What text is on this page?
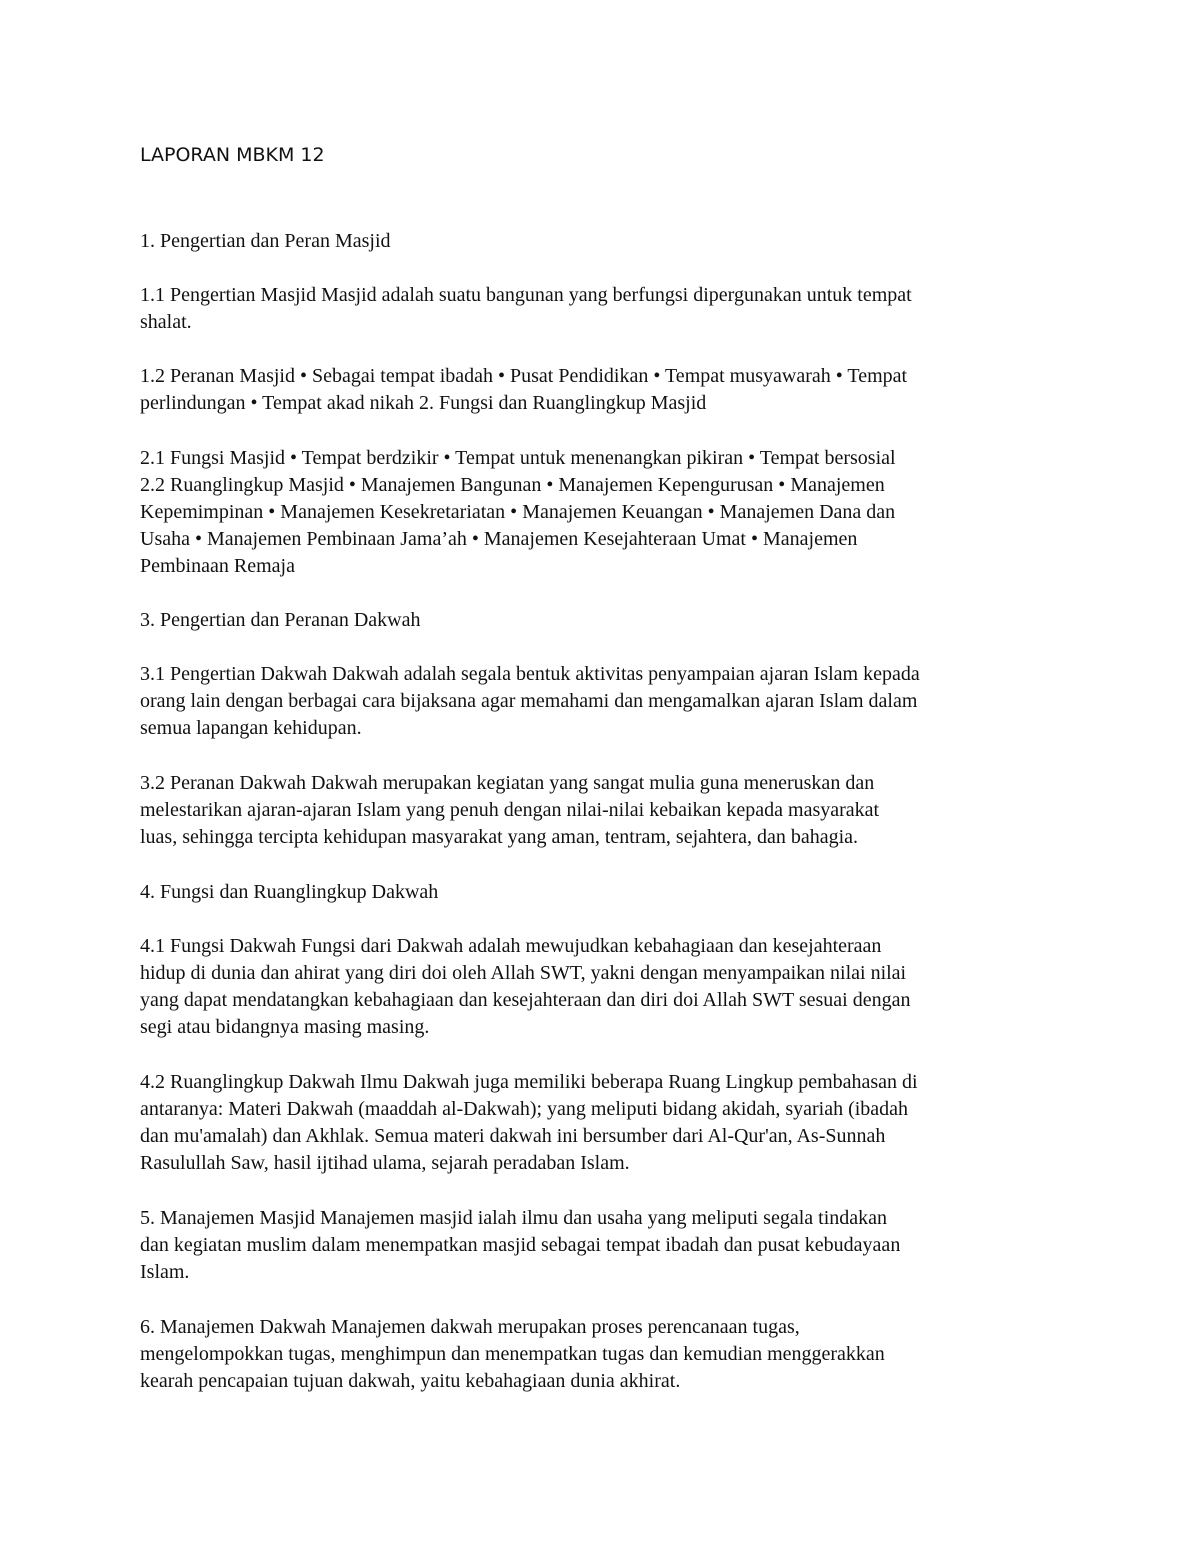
LAPORAN MBKM 12

1. Pengertian dan Peran Masjid

1.1 Pengertian Masjid Masjid adalah suatu bangunan yang berfungsi dipergunakan untuk tempat
shalat.

1.2 Peranan Masjid • Sebagai tempat ibadah • Pusat Pendidikan • Tempat musyawarah • Tempat
perlindungan • Tempat akad nikah 2. Fungsi dan Ruanglingkup Masjid

2.1 Fungsi Masjid • Tempat berdzikir • Tempat untuk menenangkan pikiran • Tempat bersosial
2.2 Ruanglingkup Masjid • Manajemen Bangunan • Manajemen Kepengurusan • Manajemen
Kepemimpinan • Manajemen Kesekretariatan • Manajemen Keuangan • Manajemen Dana dan
Usaha • Manajemen Pembinaan Jama’ah • Manajemen Kesejahteraan Umat • Manajemen
Pembinaan Remaja

3. Pengertian dan Peranan Dakwah

3.1 Pengertian Dakwah Dakwah adalah segala bentuk aktivitas penyampaian ajaran Islam kepada
orang lain dengan berbagai cara bijaksana agar memahami dan mengamalkan ajaran Islam dalam
semua lapangan kehidupan.

3.2 Peranan Dakwah Dakwah merupakan kegiatan yang sangat mulia guna meneruskan dan
melestarikan ajaran-ajaran Islam yang penuh dengan nilai-nilai kebaikan kepada masyarakat
luas, sehingga tercipta kehidupan masyarakat yang aman, tentram, sejahtera, dan bahagia.

4. Fungsi dan Ruanglingkup Dakwah

4.1 Fungsi Dakwah Fungsi dari Dakwah adalah mewujudkan kebahagiaan dan kesejahteraan
hidup di dunia dan ahirat yang diri doi oleh Allah SWT, yakni dengan menyampaikan nilai nilai
yang dapat mendatangkan kebahagiaan dan kesejahteraan dan diri doi Allah SWT sesuai dengan
segi atau bidangnya masing masing.

4.2 Ruanglingkup Dakwah Ilmu Dakwah juga memiliki beberapa Ruang Lingkup pembahasan di
antaranya: Materi Dakwah (maaddah al-Dakwah); yang meliputi bidang akidah, syariah (ibadah
dan mu'amalah) dan Akhlak. Semua materi dakwah ini bersumber dari Al-Qur'an, As-Sunnah
Rasulullah Saw, hasil ijtihad ulama, sejarah peradaban Islam.

5. Manajemen Masjid Manajemen masjid ialah ilmu dan usaha yang meliputi segala tindakan
dan kegiatan muslim dalam menempatkan masjid sebagai tempat ibadah dan pusat kebudayaan
Islam.

6. Manajemen Dakwah Manajemen dakwah merupakan proses perencanaan tugas,
mengelompokkan tugas, menghimpun dan menempatkan tugas dan kemudian menggerakkan
kearah pencapaian tujuan dakwah, yaitu kebahagiaan dunia akhirat.
